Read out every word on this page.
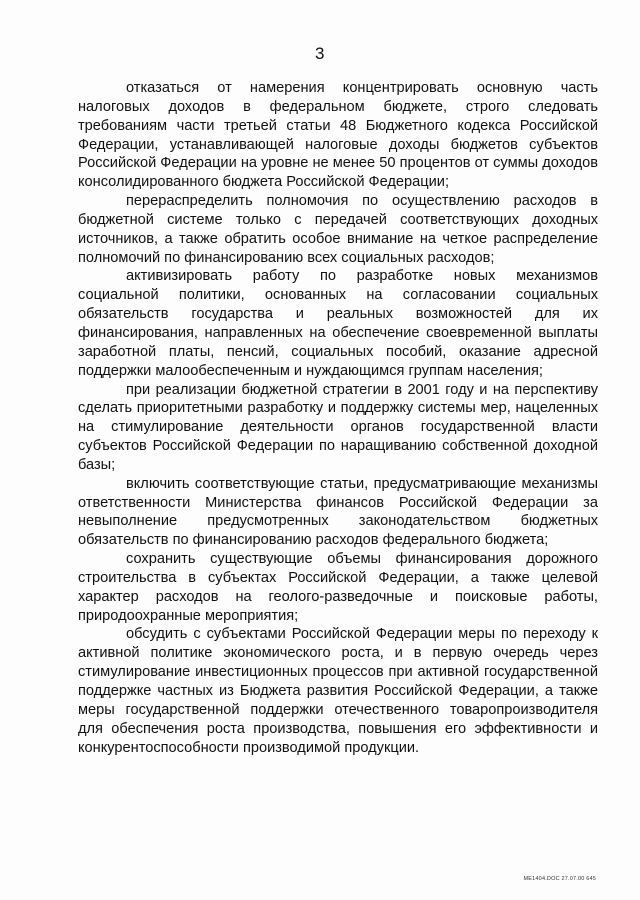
3

отказаться от намерения концентрировать основную часть налоговых доходов в федеральном бюджете, строго следовать требованиям части третьей статьи 48 Бюджетного кодекса Российской Федерации, устанавливающей налоговые доходы бюджетов субъектов Российской Федерации на уровне не менее 50 процентов от суммы доходов консолидированного бюджета Российской Федерации;

перераспределить полномочия по осуществлению расходов в бюджетной системе только с передачей соответствующих доходных источников, а также обратить особое внимание на четкое распределение полномочий по финансированию всех социальных расходов;

активизировать работу по разработке новых механизмов социальной политики, основанных на согласовании социальных обязательств государства и реальных возможностей для их финансирования, направленных на обеспечение своевременной выплаты заработной платы, пенсий, социальных пособий, оказание адресной поддержки малообеспеченным и нуждающимся группам населения;

при реализации бюджетной стратегии в 2001 году и на перспективу сделать приоритетными разработку и поддержку системы мер, нацеленных на стимулирование деятельности органов государственной власти субъектов Российской Федерации по наращиванию собственной доходной базы;

включить соответствующие статьи, предусматривающие механизмы ответственности Министерства финансов Российской Федерации за невыполнение предусмотренных законодательством бюджетных обязательств по финансированию расходов федерального бюджета;

сохранить существующие объемы финансирования дорожного строительства в субъектах Российской Федерации, а также целевой характер расходов на геолого-разведочные и поисковые работы, природоохранные мероприятия;

обсудить с субъектами Российской Федерации меры по переходу к активной политике экономического роста, и в первую очередь через стимулирование инвестиционных процессов при активной государственной поддержке частных из Бюджета развития Российской Федерации, а также меры государственной поддержки отечественного товаропроизводителя для обеспечения роста производства, повышения его эффективности и конкурентоспособности производимой продукции.

ME1404.DOC 27.07.00 645
